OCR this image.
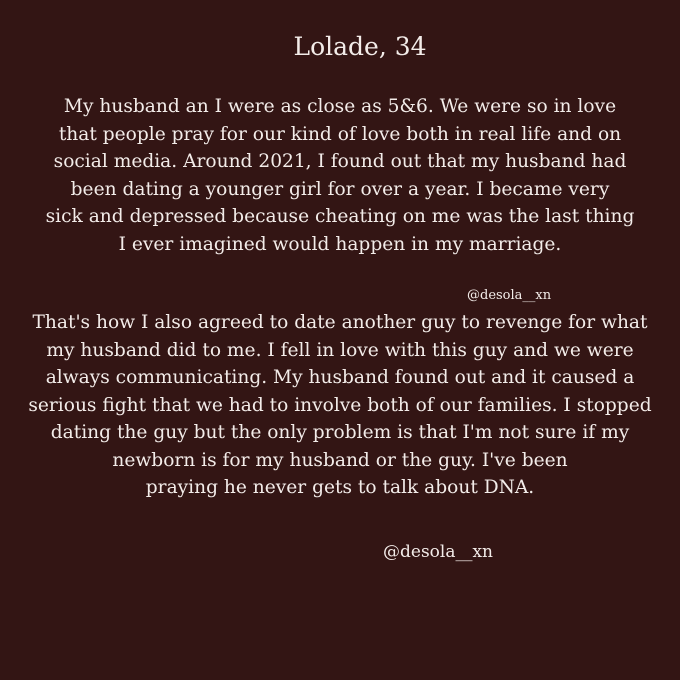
Lolade, 34
My husband an I were as close as 5&6. We were so in love
that people pray for our kind of love both in real life and on
social media. Around 2021, I found out that my husband had
been dating a younger girl for over a year. I became very
sick and depressed because cheating on me was the last thing
I ever imagined would happen in my marriage.
@desola__xn
That's how I also agreed to date another guy to revenge for what
my husband did to me. I fell in love with this guy and we were
always communicating. My husband found out and it caused a
serious fight that we had to involve both of our families. I stopped
dating the guy but the only problem is that I'm not sure if my
newborn is for my husband or the guy. I've been
praying he never gets to talk about DNA.
@desola__xn
